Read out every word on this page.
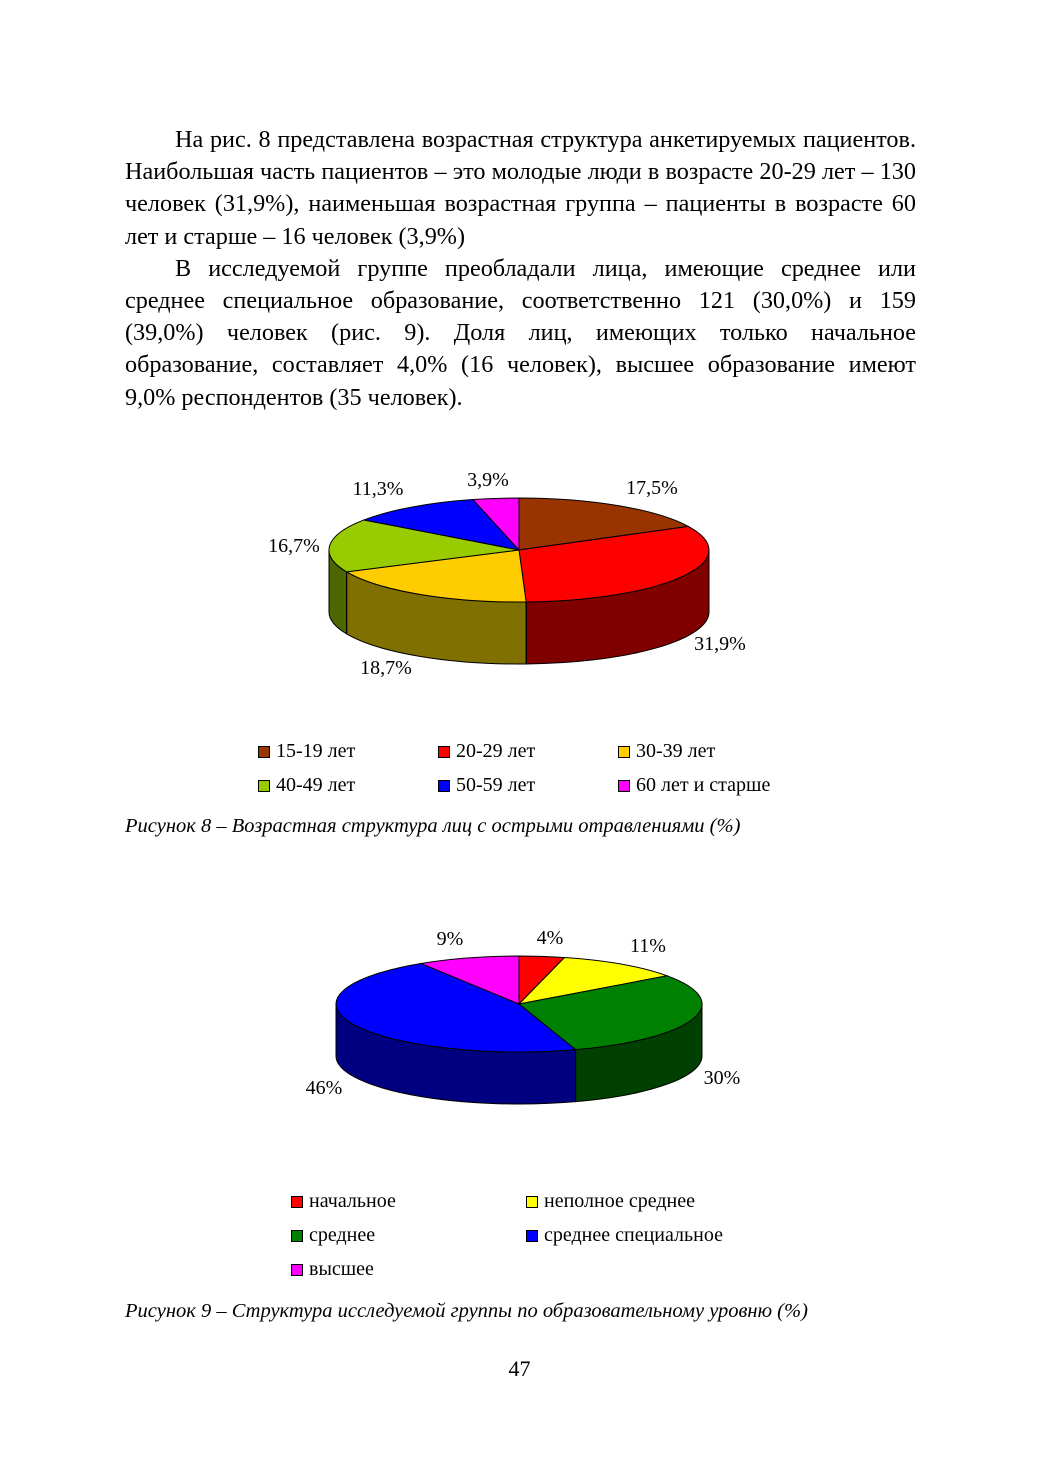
На рис. 8 представлена возрастная структура анкетируемых пациентов. Наибольшая часть пациентов – это молодые люди в возрасте 20-29 лет – 130 человек (31,9%), наименьшая возрастная группа – пациенты в возрасте 60 лет и старше – 16 человек (3,9%)

В исследуемой группе преобладали лица, имеющие среднее или среднее специальное образование, соответственно 121 (30,0%) и 159 (39,0%) человек (рис. 9). Доля лиц, имеющих только начальное образование, составляет 4,0% (16 человек), высшее образование имеют 9,0% респондентов (35 человек).

17,5%
31,9%
18,7%
16,7%
11,3%	3,9%
15-19 лет	20-29 лет	30-39 лет
40-49 лет	50-59 лет	60 лет и старше
Рисунок 8 – Возрастная структура лиц с острыми отравлениями (%)
4%	11%
30%
46%
9%
начальное	неполное среднее
среднее	среднее специальное
высшее
Рисунок 9 – Структура исследуемой группы по образовательному уровню (%)
47
